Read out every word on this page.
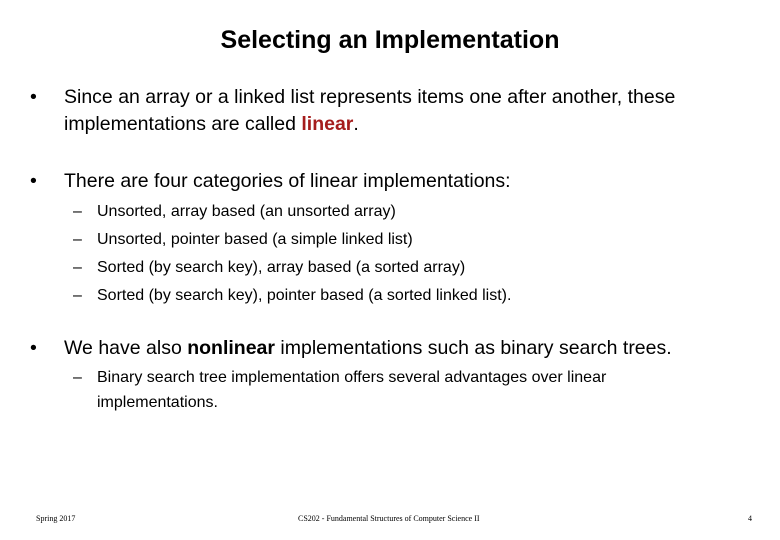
Selecting an Implementation
• Since an array or a linked list represents items one after another, these implementations are called linear.
• There are four categories of linear implementations:
– Unsorted, array based (an unsorted array)
– Unsorted, pointer based (a simple linked list)
– Sorted (by search key), array based (a sorted array)
– Sorted (by search key), pointer based (a sorted linked list).
• We have also nonlinear implementations such as binary search trees.
– Binary search tree implementation offers several advantages over linear
implementations.
Spring 2017	CS202 - Fundamental Structures of Computer Science II	4
